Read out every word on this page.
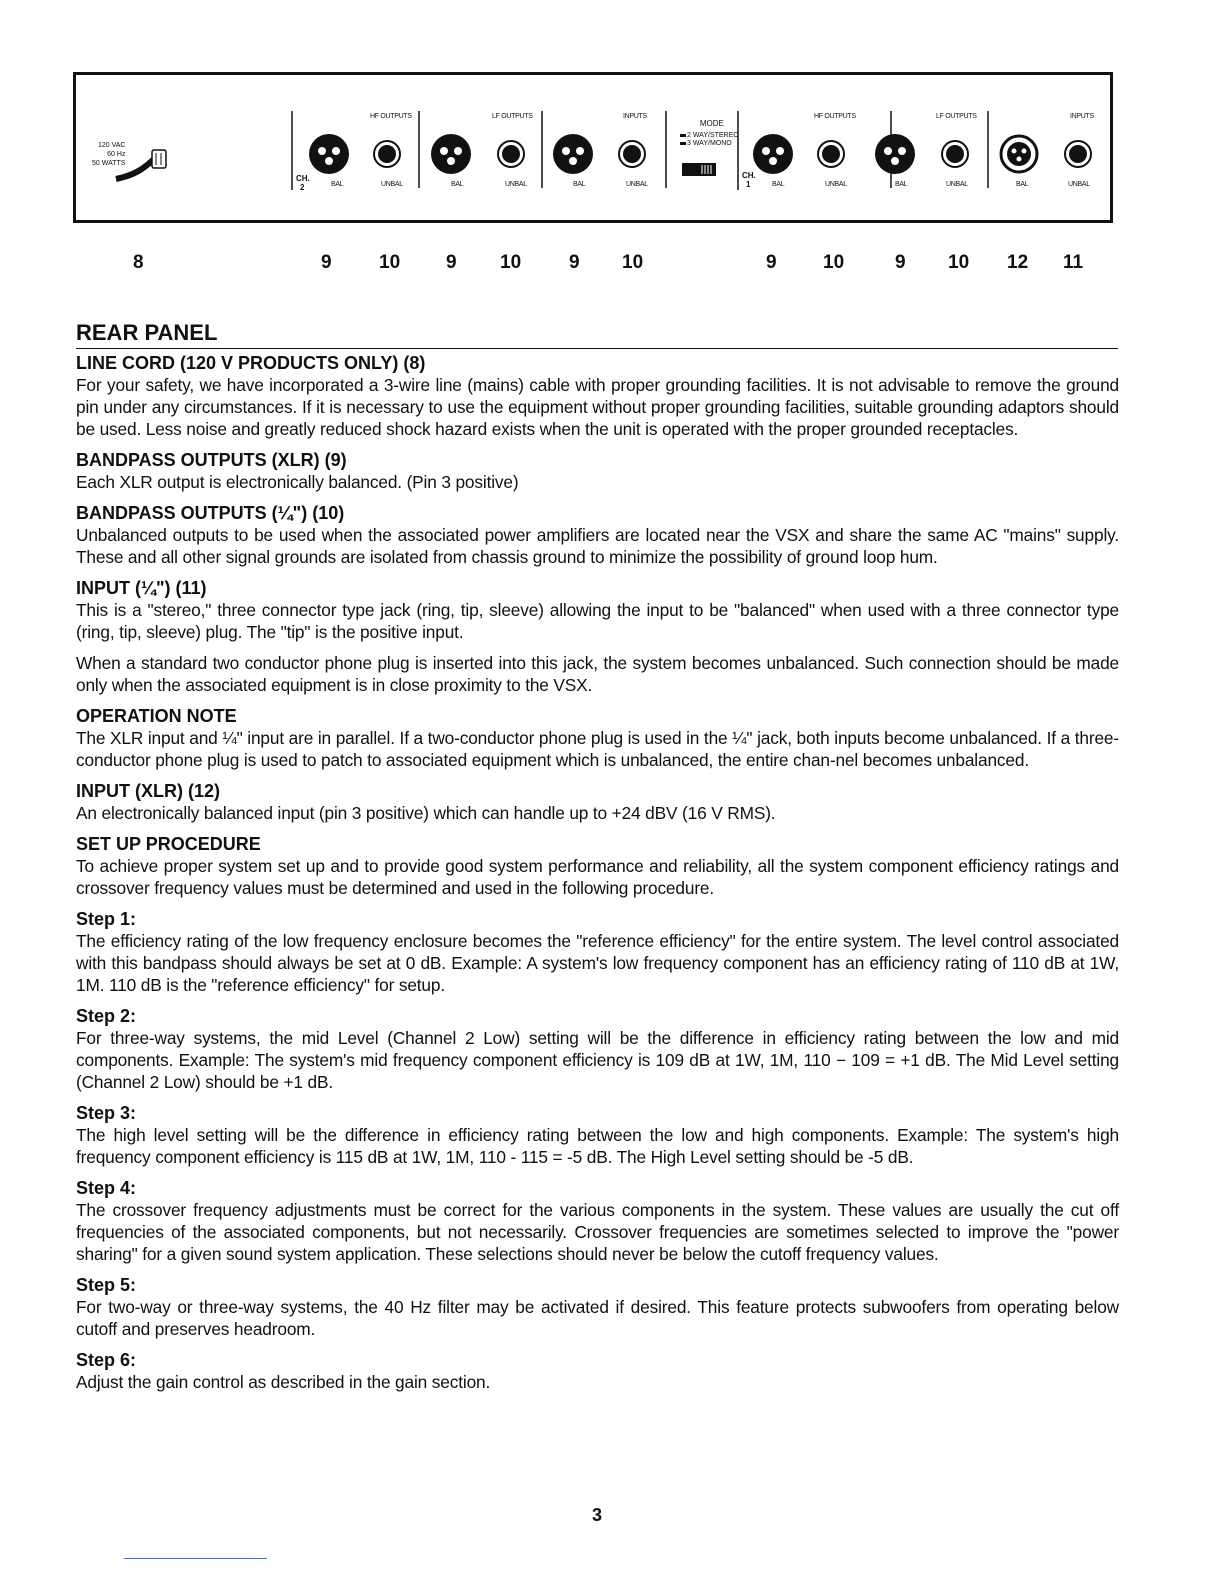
120 VAC
60 Hz
50 WATTS
CH.
2
CH.
1
HF OUTPUTS	LF OUTPUTS	INPUTS	HF OUTPUTS	LF OUTPUTS	INPUTS
MODE
2 WAY/STEREO
3 WAY/MONO
BAL	UNBAL	BAL	UNBAL	BAL	UNBAL	BAL	UNBAL	BAL	UNBAL	BAL	UNBAL
8	9 10 9 10	9 10	9 10	9 10 12 11
REAR PANEL
LINE CORD (120 V PRODUCTS ONLY) (8)

For your safety, we have incorporated a 3-wire line (mains) cable with proper grounding facilities. It is not advisable to remove the ground pin under any circumstances. If it is necessary to use the equipment without proper grounding facilities, suitable grounding adaptors should be used. Less noise and greatly reduced shock hazard exists when the unit is operated with the proper grounded receptacles.

BANDPASS OUTPUTS (XLR) (9)

Each XLR output is electronically balanced. (Pin 3 positive)

BANDPASS OUTPUTS (¼") (10)

Unbalanced outputs to be used when the associated power amplifiers are located near the VSX and share the same AC "mains" supply. These and all other signal grounds are isolated from chassis ground to minimize the possibility of ground loop hum.

INPUT (¼") (11)

This is a "stereo," three connector type jack (ring, tip, sleeve) allowing the input to be "balanced" when used with a three connector type (ring, tip, sleeve) plug. The "tip" is the positive input.

When a standard two conductor phone plug is inserted into this jack, the system becomes unbalanced. Such connection should be made only when the associated equipment is in close proximity to the VSX.

OPERATION NOTE

The XLR input and ¼" input are in parallel. If a two-conductor phone plug is used in the ¼" jack, both inputs become unbalanced. If a three-conductor phone plug is used to patch to associated equipment which is unbalanced, the entire chan-nel becomes unbalanced.

INPUT (XLR) (12)

An electronically balanced input (pin 3 positive) which can handle up to +24 dBV (16 V RMS).

SET UP PROCEDURE

To achieve proper system set up and to provide good system performance and reliability, all the system component efficiency ratings and crossover frequency values must be determined and used in the following procedure.

Step 1:

The efficiency rating of the low frequency enclosure becomes the "reference efficiency" for the entire system. The level control associated with this bandpass should always be set at 0 dB. Example: A system's low frequency component has an efficiency rating of 110 dB at 1W, 1M. 110 dB is the "reference efficiency" for setup.

Step 2:

For three-way systems, the mid Level (Channel 2 Low) setting will be the difference in efficiency rating between the low and mid components. Example: The system's mid frequency component efficiency is 109 dB at 1W, 1M, 110 − 109 = +1 dB. The Mid Level setting (Channel 2 Low) should be +1 dB.

Step 3:

The high level setting will be the difference in efficiency rating between the low and high components. Example: The system's high frequency component efficiency is 115 dB at 1W, 1M, 110 - 115 = -5 dB. The High Level setting should be -5 dB.

Step 4:

The crossover frequency adjustments must be correct for the various components in the system. These values are usually the cut off frequencies of the associated components, but not necessarily. Crossover frequencies are sometimes selected to improve the "power sharing" for a given sound system application. These selections should never be below the cutoff frequency values.

Step 5:

For two-way or three-way systems, the 40 Hz filter may be activated if desired. This feature protects subwoofers from operating below cutoff and preserves headroom.

Step 6:

Adjust the gain control as described in the gain section.

3
